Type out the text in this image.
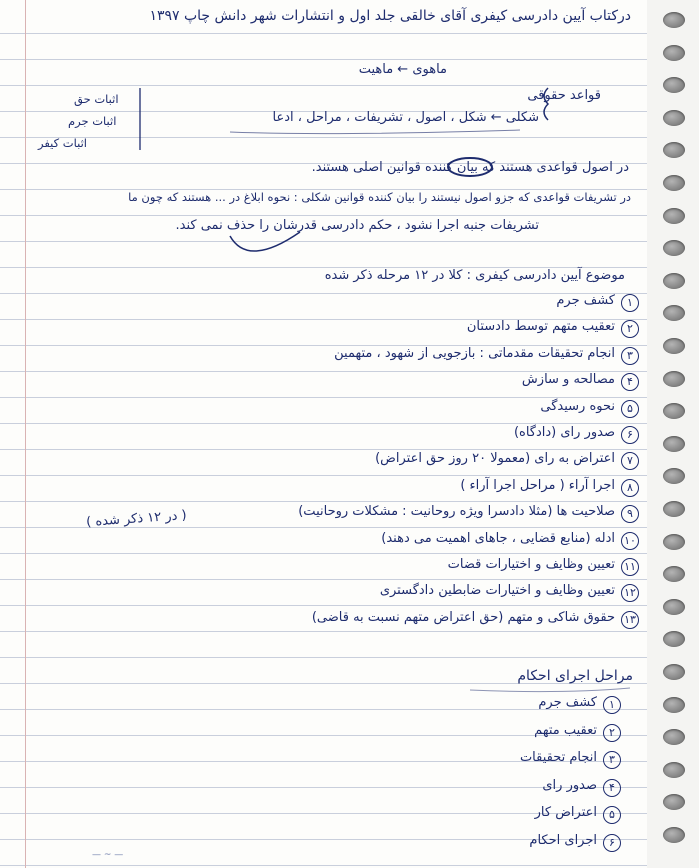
درکتاب آیین دادرسی کیفری آقای خالقی جلد اول و انتشارات شهر دانش چاپ ۱۳۹۷
ماهوی ← ماهیت
قواعد حقوقی
شکلی ← شکل ، اصول ، تشریفات ، مراحل ، ادعا
اثبات حق
اثبات جرم
اثبات کیفر
در اصول قواعدی هستند که بیان کننده قوانین اصلی هستند.
در تشریفات قواعدی که جزو اصول نیستند را بیان کننده قوانین شکلی : نحوه ابلاغ در ... هستند که چون ما
تشریفات جنبه اجرا نشود ، حکم دادرسی قدرشان را حذف نمی کند.
موضوع آیین دادرسی کیفری : کلا در ۱۲ مرحله ذکر شده
۱
کشف جرم
۲
تعقیب متهم توسط دادستان
۳
انجام تحقیقات مقدماتی : بازجویی از شهود ، متهمین
۴
مصالحه و سازش
۵
نحوه رسیدگی
۶
صدور رای (دادگاه)
۷
اعتراض به رای (معمولا ۲۰ روز حق اعتراض)
۸
اجرا آراء ( مراحل اجرا آراء )
۹
صلاحیت ها (مثلا دادسرا ویژه روحانیت : مشکلات روحانیت)
۱۰
ادله (منابع قضایی ، جاهای اهمیت می دهند)
۱۱
تعیین وظایف و اختیارات قضات
۱۲
تعیین وظایف و اختیارات ضابطین دادگستری
۱۳
حقوق شاکی و متهم (حق اعتراض متهم نسبت به قاضی)
( در ۱۲ ذکر شده )
مراحل اجرای احکام
۱
کشف جرم
۲
تعقیب متهم
۳
انجام تحقیقات
۴
صدور رای
۵
اعتراض کار
۶
اجرای احکام
— ~ —
